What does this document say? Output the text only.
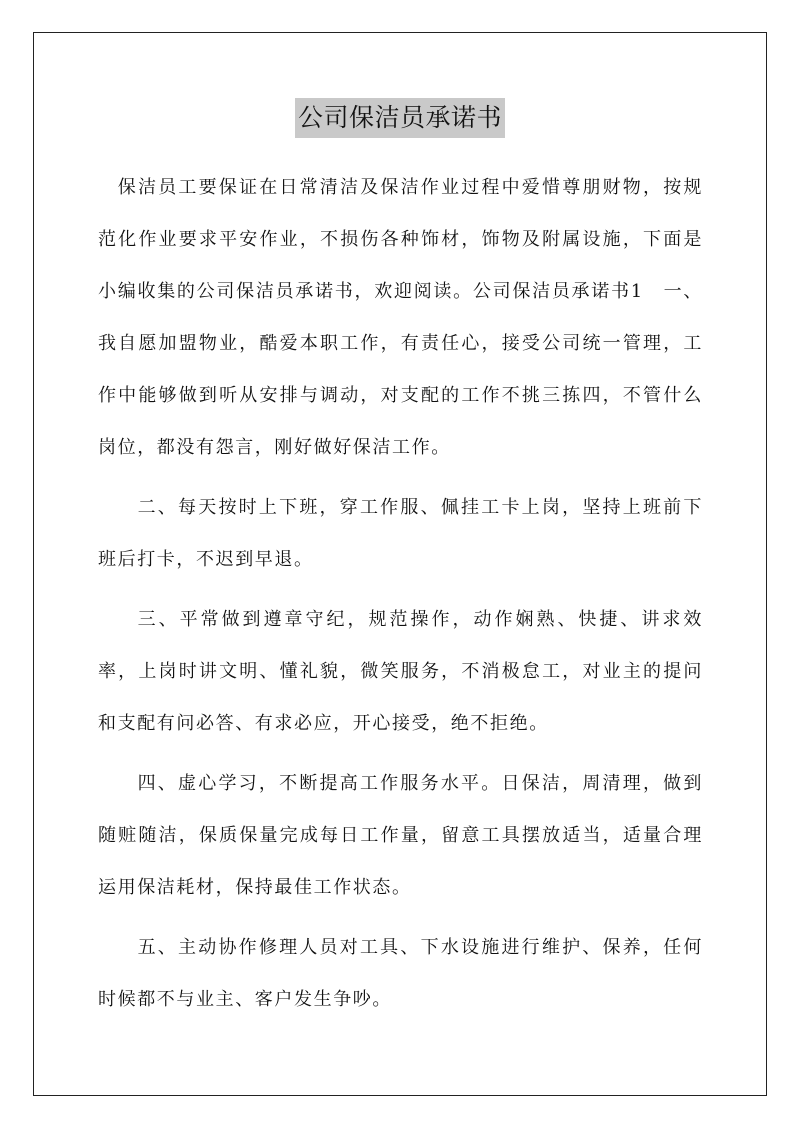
公司保洁员承诺书

保洁员工要保证在日常清洁及保洁作业过程中爱惜尊朋财物，按规范化作业要求平安作业，不损伤各种饰材，饰物及附属设施，下面是小编收集的公司保洁员承诺书，欢迎阅读。公司保洁员承诺书1　一、我自愿加盟物业，酷爱本职工作，有责任心，接受公司统一管理，工作中能够做到听从安排与调动，对支配的工作不挑三拣四，不管什么岗位，都没有怨言，刚好做好保洁工作。

二、每天按时上下班，穿工作服、佩挂工卡上岗，坚持上班前下班后打卡，不迟到早退。

三、平常做到遵章守纪，规范操作，动作娴熟、快捷、讲求效率，上岗时讲文明、懂礼貌，微笑服务，不消极怠工，对业主的提问和支配有问必答、有求必应，开心接受，绝不拒绝。

四、虚心学习，不断提高工作服务水平。日保洁，周清理，做到随赃随洁，保质保量完成每日工作量，留意工具摆放适当，适量合理运用保洁耗材，保持最佳工作状态。

五、主动协作修理人员对工具、下水设施进行维护、保养，任何时候都不与业主、客户发生争吵。
